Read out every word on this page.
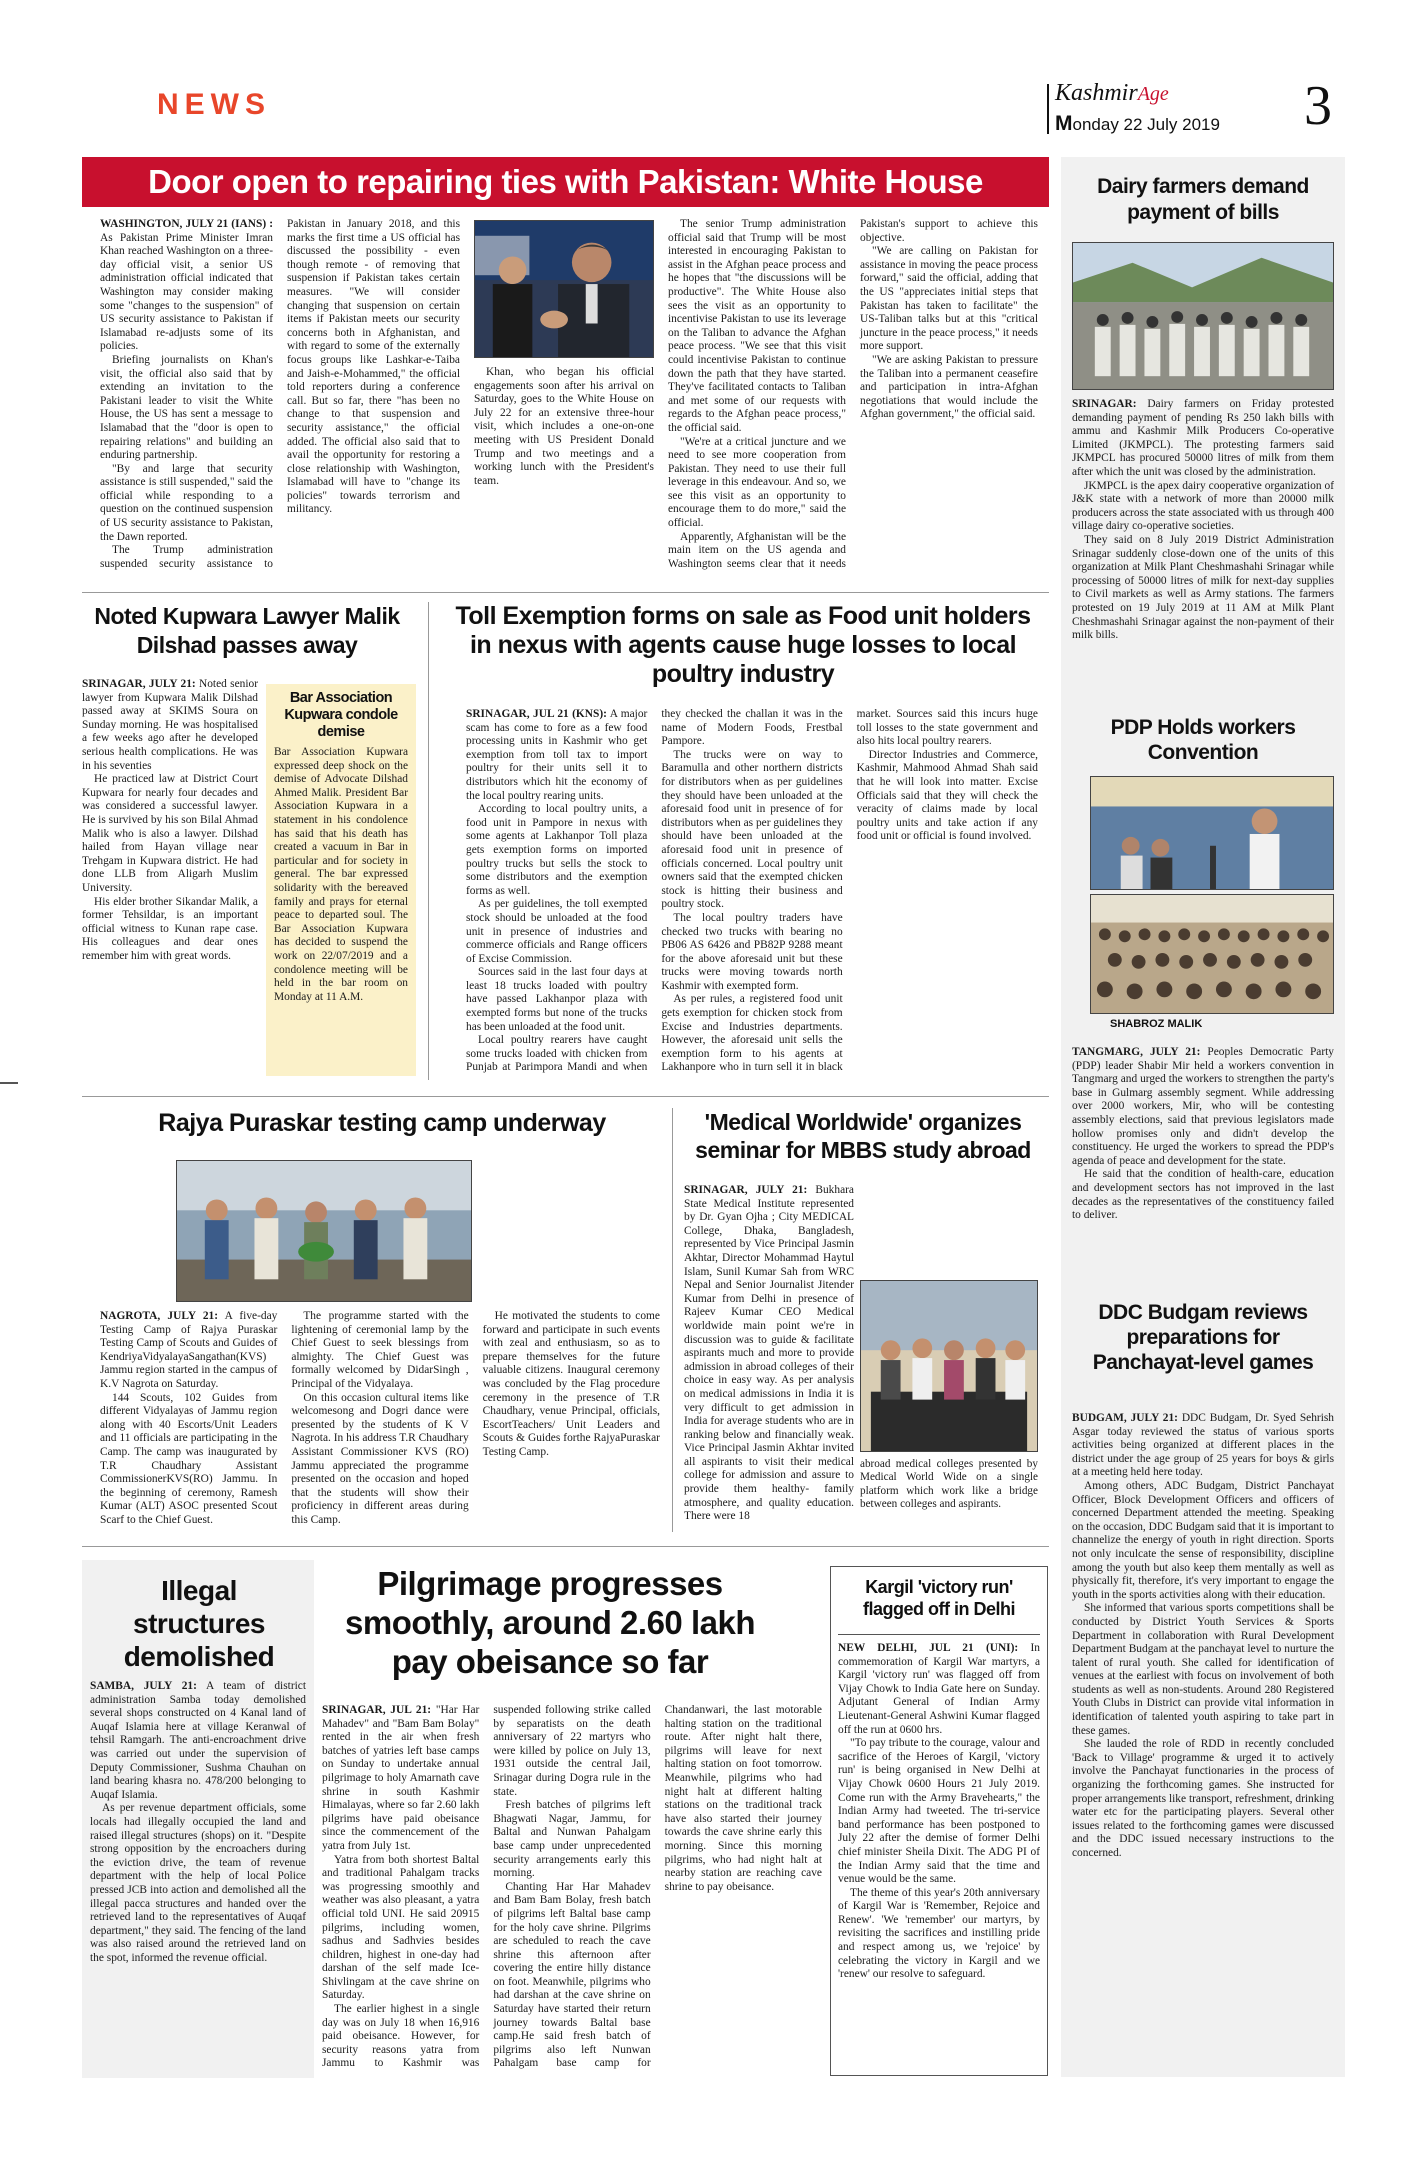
NEWS	KashmirAge
Monday 22 July 2019 3
Door open to repairing ties with Pakistan: White House

WASHINGTON, JULY 21 (IANS) : As Pakistan Prime Minister Imran Khan reached Washington on a three-day official visit, a senior US administration official indicated that Washington may consider making some "changes to the suspension" of US security assistance to Pakistan if Islamabad re-adjusts some of its policies.

Briefing journalists on Khan's visit, the official also said that by extending an invitation to the Pakistani leader to visit the White House, the US has sent a message to Islamabad that the "door is open to repairing relations" and building an enduring partnership.

"By and large that security assistance is still suspended," said the official while responding to a question on the continued suspension of US security assistance to Pakistan, the Dawn reported.

The Trump administration suspended security assistance to Pakistan in January 2018, and this marks the first time a US official has discussed the possibility - even though remote - of removing that suspension if Pakistan takes certain measures. "We will consider changing that suspension on certain items if Pakistan meets our security concerns both in Afghanistan, and with regard to some of the externally focus groups like Lashkar-e-Taiba and Jaish-e-Mohammed," the official told reporters during a conference call. But so far, there "has been no change to that suspension and security assistance," the official added. The official also said that to avail the opportunity for restoring a close relationship with Washington, Islamabad will have to "change its policies" towards terrorism and militancy.

Khan, who began his official engagements soon after his arrival on Saturday, goes to the White House on July 22 for an extensive three-hour visit, which includes a one-on-one meeting with US President Donald Trump and two meetings and a working lunch with the President's team.

The senior Trump administration official said that Trump will be most interested in encouraging Pakistan to assist in the Afghan peace process and he hopes that "the discussions will be productive". The White House also sees the visit as an opportunity to incentivise Pakistan to use its leverage on the Taliban to advance the Afghan peace process. "We see that this visit could incentivise Pakistan to continue down the path that they have started. They've facilitated contacts to Taliban and met some of our requests with regards to the Afghan peace process," the official said.

"We're at a critical juncture and we need to see more cooperation from Pakistan. They need to use their full leverage in this endeavour. And so, we see this visit as an opportunity to encourage them to do more," said the official.

Apparently, Afghanistan will be the main item on the US agenda and Washington seems clear that it needs Pakistan's support to achieve this objective.

"We are calling on Pakistan for assistance in moving the peace process forward," said the official, adding that the US "appreciates initial steps that Pakistan has taken to facilitate" the US-Taliban talks but at this "critical juncture in the peace process," it needs more support.

"We are asking Pakistan to pressure the Taliban into a permanent ceasefire and participation in intra-Afghan negotiations that would include the Afghan government," the official said.

Dairy farmers demand payment of bills

SRINAGAR: Dairy farmers on Friday protested demanding payment of pending Rs 250 lakh bills with ammu and Kashmir Milk Producers Co-operative Limited (JKMPCL). The protesting farmers said JKMPCL has procured 50000 litres of milk from them after which the unit was closed by the administration.

JKMPCL is the apex dairy cooperative organization of J&K state with a network of more than 20000 milk producers across the state associated with us through 400 village dairy co-operative societies.

They said on 8 July 2019 District Administration Srinagar suddenly close-down one of the units of this organization at Milk Plant Cheshmashahi Srinagar while processing of 50000 litres of milk for next-day supplies to Civil markets as well as Army stations. The farmers protested on 19 July 2019 at 11 AM at Milk Plant Cheshmashahi Srinagar against the non-payment of their milk bills.

PDP Holds workers Convention
SHABROZ MALIK

TANGMARG, JULY 21: Peoples Democratic Party (PDP) leader Shabir Mir held a workers convention in Tangmarg and urged the workers to strengthen the party's base in Gulmarg assembly segment. While addressing over 2000 workers, Mir, who will be contesting assembly elections, said that previous legislators made hollow promises only and didn't develop the constituency. He urged the workers to spread the PDP's agenda of peace and development for the state.

He said that the condition of health-care, education and development sectors has not improved in the last decades as the representatives of the constituency failed to deliver.

DDC Budgam reviews preparations for Panchayat-level games

BUDGAM, JULY 21: DDC Budgam, Dr. Syed Sehrish Asgar today reviewed the status of various sports activities being organized at different places in the district under the age group of 25 years for boys & girls at a meeting held here today.

Among others, ADC Budgam, District Panchayat Officer, Block Development Officers and officers of concerned Department attended the meeting. Speaking on the occasion, DDC Budgam said that it is important to channelize the energy of youth in right direction. Sports not only inculcate the sense of responsibility, discipline among the youth but also keep them mentally as well as physically fit, therefore, it's very important to engage the youth in the sports activities along with their education.

She informed that various sports competitions shall be conducted by District Youth Services & Sports Department in collaboration with Rural Development Department Budgam at the panchayat level to nurture the talent of rural youth. She called for identification of venues at the earliest with focus on involvement of both students as well as non-students. Around 280 Registered Youth Clubs in District can provide vital information in identification of talented youth aspiring to take part in these games.

She lauded the role of RDD in recently concluded 'Back to Village' programme & urged it to actively involve the Panchayat functionaries in the process of organizing the forthcoming games. She instructed for proper arrangements like transport, refreshment, drinking water etc for the participating players. Several other issues related to the forthcoming games were discussed and the DDC issued necessary instructions to the concerned.

Noted Kupwara Lawyer Malik Dilshad passes away

SRINAGAR, JULY 21: Noted senior lawyer from Kupwara Malik Dilshad passed away at SKIMS Soura on Sunday morning. He was hospitalised a few weeks ago after he developed serious health complications. He was in his seventies

He practiced law at District Court Kupwara for nearly four decades and was considered a successful lawyer. He is survived by his son Bilal Ahmad Malik who is also a lawyer. Dilshad hailed from Hayan village near Trehgam in Kupwara district. He had done LLB from Aligarh Muslim University.

His elder brother Sikandar Malik, a former Tehsildar, is an important official witness to Kunan rape case. His colleagues and dear ones remember him with great words.

Bar Association Kupwara condole demise
Bar Association Kupwara expressed deep shock on the demise of Advocate Dilshad Ahmed Malik. President Bar Association Kupwara in a statement in his condolence has said that his death has created a vacuum in Bar in particular and for society in general. The bar expressed solidarity with the bereaved family and prays for eternal peace to departed soul. The Bar Association Kupwara has decided to suspend the work on 22/07/2019 and a condolence meeting will be held in the bar room on Monday at 11 A.M.
Toll Exemption forms on sale as Food unit holders in nexus with agents cause huge losses to local poultry industry

SRINAGAR, JUL 21 (KNS): A major scam has come to fore as a few food processing units in Kashmir who get exemption from toll tax to import poultry for their units sell it to distributors which hit the economy of the local poultry rearing units.

According to local poultry units, a food unit in Pampore in nexus with some agents at Lakhanpor Toll plaza gets exemption forms on imported poultry trucks but sells the stock to some distributors and the exemption forms as well.

As per guidelines, the toll exempted stock should be unloaded at the food unit in presence of industries and commerce officials and Range officers of Excise Commission.

Sources said in the last four days at least 18 trucks loaded with poultry have passed Lakhanpor plaza with exempted forms but none of the trucks has been unloaded at the food unit.

Local poultry rearers have caught some trucks loaded with chicken from Punjab at Parimpora Mandi and when they checked the challan it was in the name of Modern Foods, Frestbal Pampore.

The trucks were on way to Baramulla and other northern districts for distributors when as per guidelines they should have been unloaded at the aforesaid food unit in presence of for distributors when as per guidelines they should have been unloaded at the aforesaid food unit in presence of officials concerned. Local poultry unit owners said that the exempted chicken stock is hitting their business and poultry stock.

The local poultry traders have checked two trucks with bearing no PB06 AS 6426 and PB82P 9288 meant for the above aforesaid unit but these trucks were moving towards north Kashmir with exempted form.

As per rules, a registered food unit gets exemption for chicken stock from Excise and Industries departments. However, the aforesaid unit sells the exemption form to his agents at Lakhanpore who in turn sell it in black market. Sources said this incurs huge toll losses to the state government and also hits local poultry rearers.

Director Industries and Commerce, Kashmir, Mahmood Ahmad Shah said that he will look into matter. Excise Officials said that they will check the veracity of claims made by local poultry units and take action if any food unit or official is found involved.

Rajya Puraskar testing camp underway

NAGROTA, JULY 21: A five-day Testing Camp of Rajya Puraskar Testing Camp of Scouts and Guides of KendriyaVidyalayaSangathan(KVS) Jammu region started in the campus of K.V Nagrota on Saturday.

144 Scouts, 102 Guides from different Vidyalayas of Jammu region along with 40 Escorts/Unit Leaders and 11 officials are participating in the Camp. The camp was inaugurated by T.R Chaudhary Assistant CommissionerKVS(RO) Jammu. In the beginning of ceremony, Ramesh Kumar (ALT) ASOC presented Scout Scarf to the Chief Guest.

The programme started with the lightening of ceremonial lamp by the Chief Guest to seek blessings from almighty. The Chief Guest was formally welcomed by DidarSingh , Principal of the Vidyalaya.

On this occasion cultural items like welcomesong and Dogri dance were presented by the students of K V Nagrota. In his address T.R Chaudhary Assistant Commissioner KVS (RO) Jammu appreciated the programme presented on the occasion and hoped that the students will show their proficiency in different areas during this Camp.

He motivated the students to come forward and participate in such events with zeal and enthusiasm, so as to prepare themselves for the future valuable citizens. Inaugural ceremony was concluded by the Flag procedure ceremony in the presence of T.R Chaudhary, venue Principal, officials, EscortTeachers/ Unit Leaders and Scouts & Guides forthe RajyaPuraskar Testing Camp.

'Medical Worldwide' organizes seminar for MBBS study abroad

SRINAGAR, JULY 21: Bukhara State Medical Institute represented by Dr. Gyan Ojha ; City MEDICAL College, Dhaka, Bangladesh, represented by Vice Principal Jasmin Akhtar, Director Mohammad Haytul Islam, Sunil Kumar Sah from WRC Nepal and Senior Journalist Jitender Kumar from Delhi in presence of Rajeev Kumar CEO Medical worldwide main point we're in discussion was to guide & facilitate aspirants much and more to provide admission in abroad colleges of their choice in easy way. As per analysis on medical admissions in India it is very difficult to get admission in India for average students who are in ranking below and financially weak. Vice Principal Jasmin Akhtar invited all aspirants to visit their medical college for admission and assure to provide them healthy- family atmosphere, and quality education. There were 18

abroad medical colleges presented by Medical World Wide on a single platform which work like a bridge between colleges and aspirants.
Illegal structures demolished

SAMBA, JULY 21: A team of district administration Samba today demolished several shops constructed on 4 Kanal land of Auqaf Islamia here at village Keranwal of tehsil Ramgarh. The anti-encroachment drive was carried out under the supervision of Deputy Commissioner, Sushma Chauhan on land bearing khasra no. 478/200 belonging to Auqaf Islamia.

As per revenue department officials, some locals had illegally occupied the land and raised illegal structures (shops) on it. "Despite strong opposition by the encroachers during the eviction drive, the team of revenue department with the help of local Police pressed JCB into action and demolished all the illegal pacca structures and handed over the retrieved land to the representatives of Auqaf department," they said. The fencing of the land was also raised around the retrieved land on the spot, informed the revenue official.

Pilgrimage progresses smoothly, around 2.60 lakh pay obeisance so far

SRINAGAR, JUL 21: "Har Har Mahadev" and "Bam Bam Bolay" rented in the air when fresh batches of yatries left base camps on Sunday to undertake annual pilgrimage to holy Amarnath cave shrine in south Kashmir Himalayas, where so far 2.60 lakh pilgrims have paid obeisance since the commencement of the yatra from July 1st.

Yatra from both shortest Baltal and traditional Pahalgam tracks was progressing smoothly and weather was also pleasant, a yatra official told UNI. He said 20915 pilgrims, including women, sadhus and Sadhvies besides children, highest in one-day had darshan of the self made Ice-Shivlingam at the cave shrine on Saturday.

The earlier highest in a single day was on July 18 when 16,916 paid obeisance. However, for security reasons yatra from Jammu to Kashmir was suspended following strike called by separatists on the death anniversary of 22 martyrs who were killed by police on July 13, 1931 outside the central Jail, Srinagar during Dogra rule in the state.

Fresh batches of pilgrims left Bhagwati Nagar, Jammu, for Baltal and Nunwan Pahalgam base camp under unprecedented security arrangements early this morning.

Chanting Har Har Mahadev and Bam Bam Bolay, fresh batch of pilgrims left Baltal base camp for the holy cave shrine. Pilgrims are scheduled to reach the cave shrine this afternoon after covering the entire hilly distance on foot. Meanwhile, pilgrims who had darshan at the cave shrine on Saturday have started their return journey towards Baltal base camp.He said fresh batch of pilgrims also left Nunwan Pahalgam base camp for Chandanwari, the last motorable halting station on the traditional route. After night halt there, pilgrims will leave for next halting station on foot tomorrow. Meanwhile, pilgrims who had night halt at different halting stations on the traditional track have also started their journey towards the cave shrine early this morning. Since this morning pilgrims, who had night halt at nearby station are reaching cave shrine to pay obeisance.

Kargil 'victory run' flagged off in Delhi

NEW DELHI, JUL 21 (UNI): In commemoration of Kargil War martyrs, a Kargil 'victory run' was flagged off from Vijay Chowk to India Gate here on Sunday. Adjutant General of Indian Army Lieutenant-General Ashwini Kumar flagged off the run at 0600 hrs.

"To pay tribute to the courage, valour and sacrifice of the Heroes of Kargil, 'victory run' is being organised in New Delhi at Vijay Chowk 0600 Hours 21 July 2019. Come run with the Army Bravehearts," the Indian Army had tweeted. The tri-service band performance has been postponed to July 22 after the demise of former Delhi chief minister Sheila Dixit. The ADG PI of the Indian Army said that the time and venue would be the same.

The theme of this year's 20th anniversary of Kargil War is 'Remember, Rejoice and Renew'. 'We 'remember' our martyrs, by revisiting the sacrifices and instilling pride and respect among us, we 'rejoice' by celebrating the victory in Kargil and we 'renew' our resolve to safeguard.
